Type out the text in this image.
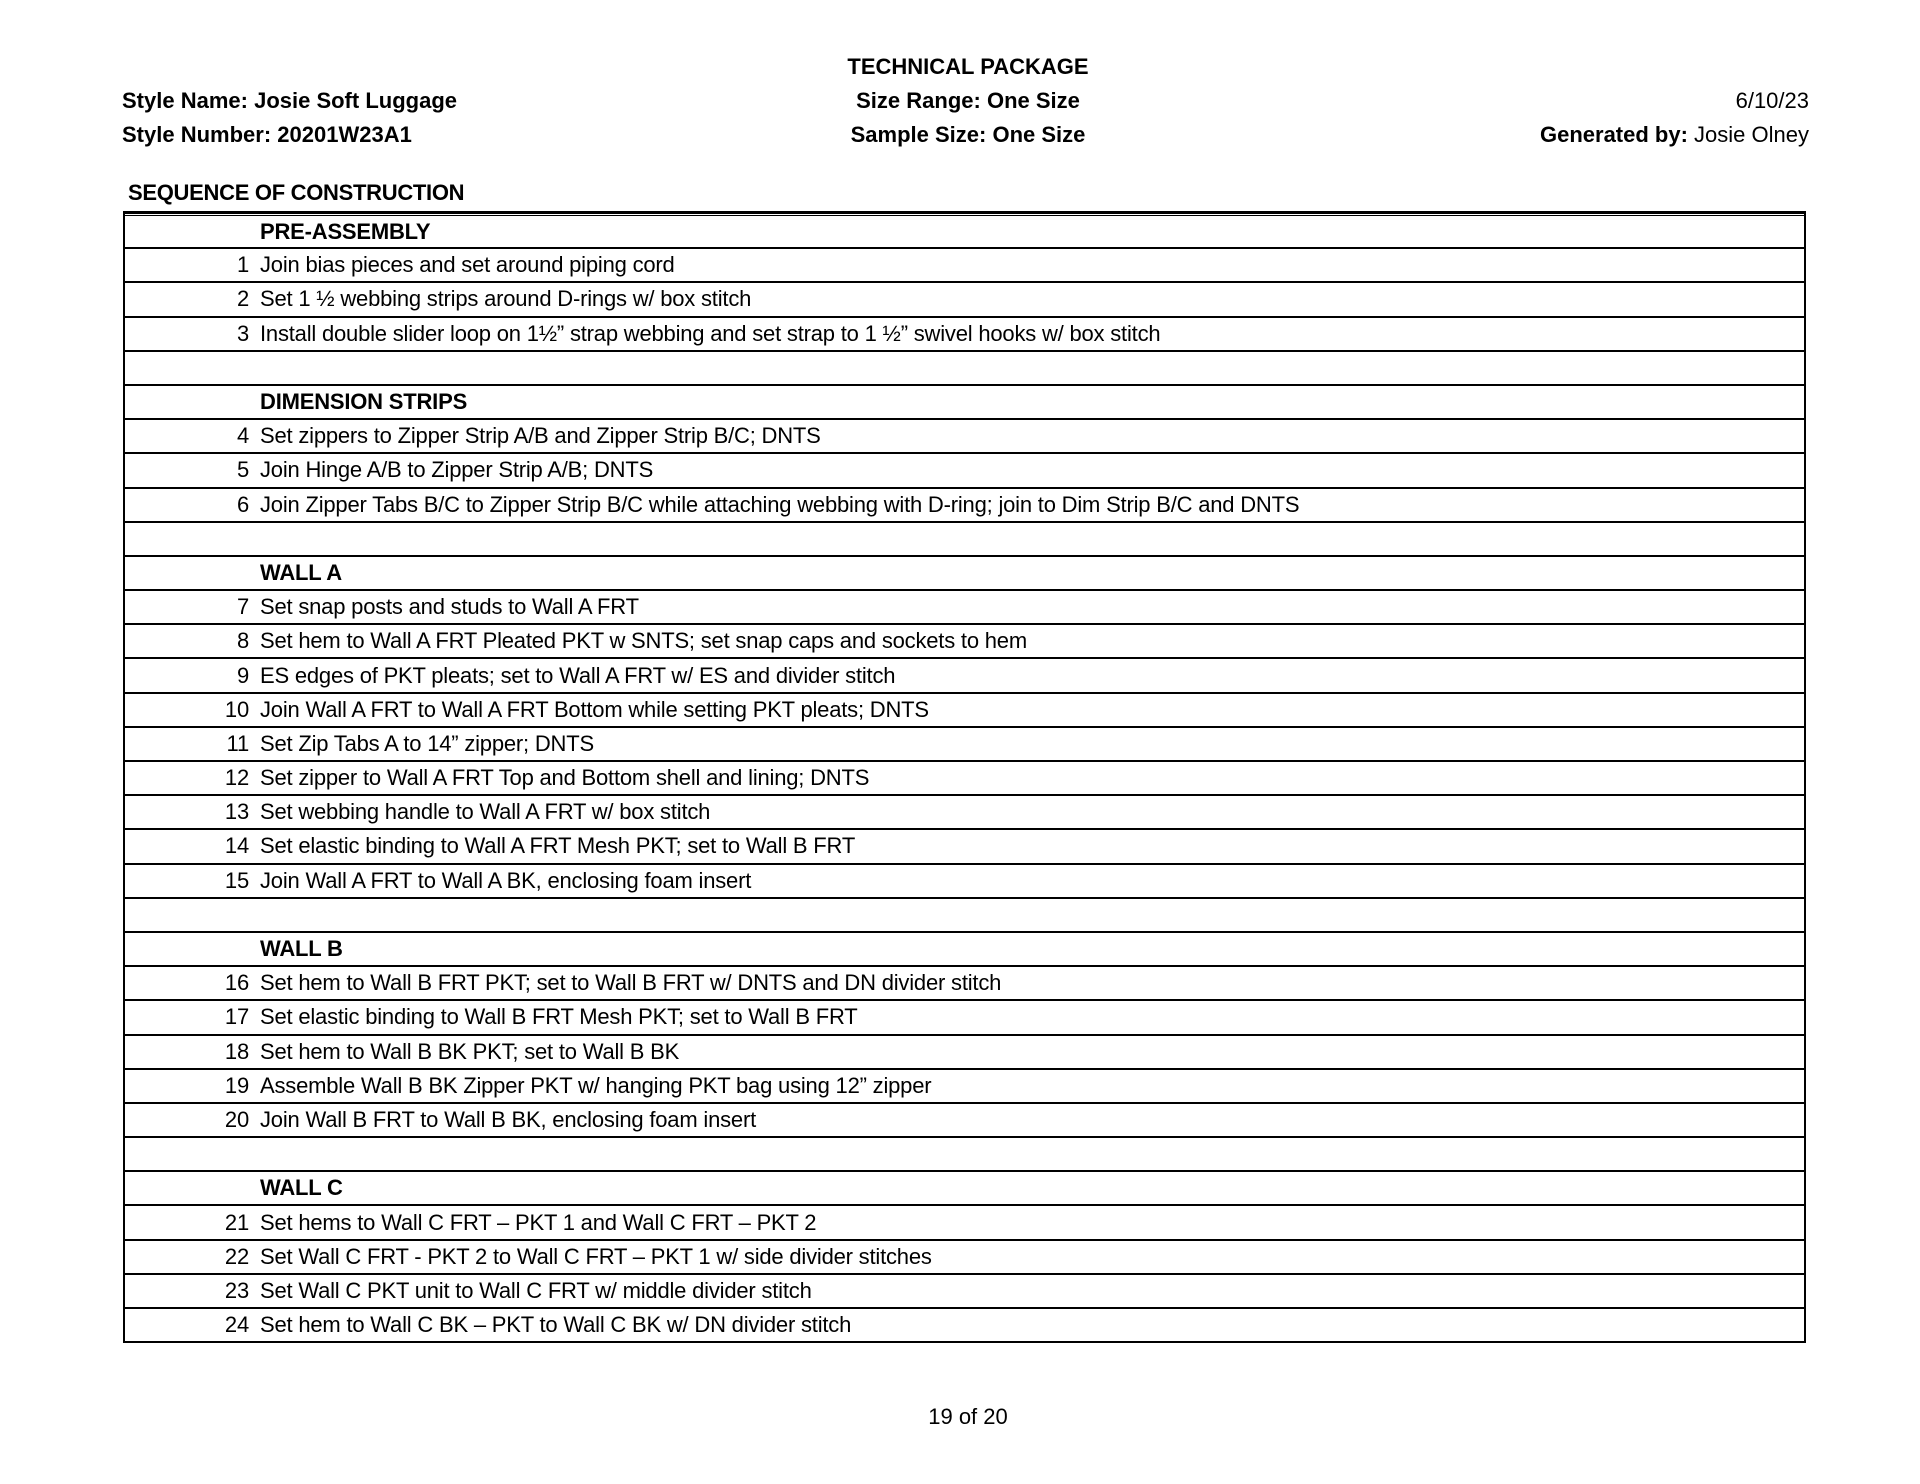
Style Name: Josie Soft Luggage
Style Number: 20201W23A1
TECHNICAL PACKAGE
Size Range: One Size
Sample Size: One Size
6/10/23
Generated by: Josie Olney
SEQUENCE OF CONSTRUCTION
PRE-ASSEMBLY
1 Join bias pieces and set around piping cord
2 Set 1 ½ webbing strips around D-rings w/ box stitch
3 Install double slider loop on 1½” strap webbing and set strap to 1 ½” swivel hooks w/ box stitch
DIMENSION STRIPS
4 Set zippers to Zipper Strip A/B and Zipper Strip B/C; DNTS
5 Join Hinge A/B to Zipper Strip A/B; DNTS
6 Join Zipper Tabs B/C to Zipper Strip B/C while attaching webbing with D-ring; join to Dim Strip B/C and DNTS
WALL A
7 Set snap posts and studs to Wall A FRT
8 Set hem to Wall A FRT Pleated PKT w SNTS; set snap caps and sockets to hem
9 ES edges of PKT pleats; set to Wall A FRT w/ ES and divider stitch
10 Join Wall A FRT to Wall A FRT Bottom while setting PKT pleats; DNTS
11 Set Zip Tabs A to 14” zipper; DNTS
12 Set zipper to Wall A FRT Top and Bottom shell and lining; DNTS
13 Set webbing handle to Wall A FRT w/ box stitch
14 Set elastic binding to Wall A FRT Mesh PKT; set to Wall B FRT
15 Join Wall A FRT to Wall A BK, enclosing foam insert
WALL B
16 Set hem to Wall B FRT PKT; set to Wall B FRT w/ DNTS and DN divider stitch
17 Set elastic binding to Wall B FRT Mesh PKT; set to Wall B FRT
18 Set hem to Wall B BK PKT; set to Wall B BK
19 Assemble Wall B BK Zipper PKT w/ hanging PKT bag using 12” zipper
20 Join Wall B FRT to Wall B BK, enclosing foam insert
WALL C
21 Set hems to Wall C FRT – PKT 1 and Wall C FRT – PKT 2
22 Set Wall C FRT - PKT 2 to Wall C FRT – PKT 1 w/ side divider stitches
23 Set Wall C PKT unit to Wall C FRT w/ middle divider stitch
24 Set hem to Wall C BK – PKT to Wall C BK w/ DN divider stitch
19 of 20
